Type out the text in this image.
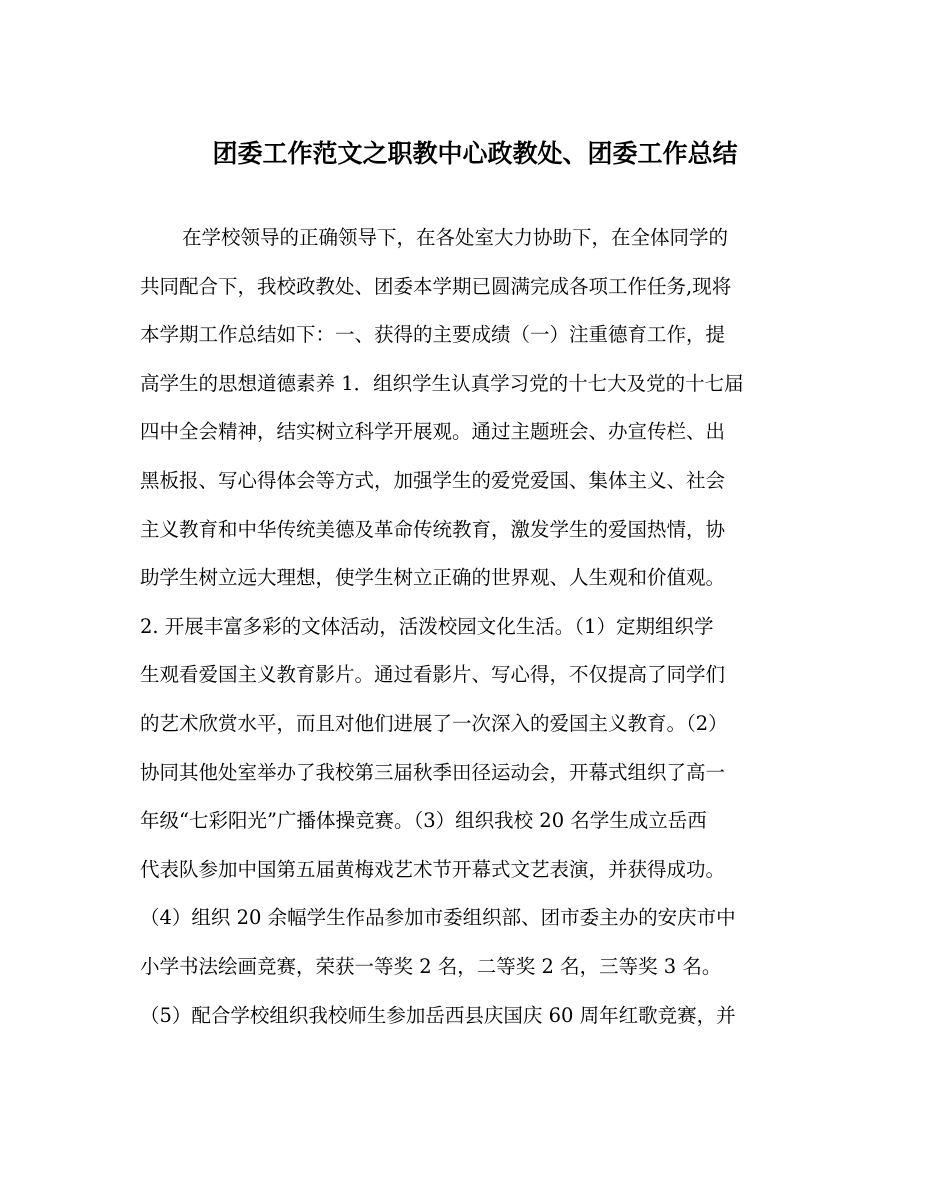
团委工作范文之职教中心政教处、团委工作总结
在学校领导的正确领导下，在各处室大力协助下，在全体同学的
共同配合下，我校政教处、团委本学期已圆满完成各项工作任务,现将
本学期工作总结如下：一、获得的主要成绩（一）注重德育工作，提
高学生的思想道德素养 1．组织学生认真学习党的十七大及党的十七届
四中全会精神，结实树立科学开展观。通过主题班会、办宣传栏、出
黑板报、写心得体会等方式，加强学生的爱党爱国、集体主义、社会
主义教育和中华传统美德及革命传统教育，激发学生的爱国热情，协
助学生树立远大理想，使学生树立正确的世界观、人生观和价值观。
2. 开展丰富多彩的文体活动，活泼校园文化生活。（1）定期组织学
生观看爱国主义教育影片。通过看影片、写心得，不仅提高了同学们
的艺术欣赏水平，而且对他们进展了一次深入的爱国主义教育。（2）
协同其他处室举办了我校第三届秋季田径运动会，开幕式组织了高一
年级“七彩阳光”广播体操竞赛。（3）组织我校 20 名学生成立岳西
代表队参加中国第五届黄梅戏艺术节开幕式文艺表演，并获得成功。
（4）组织 20 余幅学生作品参加市委组织部、团市委主办的安庆市中
小学书法绘画竞赛，荣获一等奖 2 名，二等奖 2 名，三等奖 3 名。
（5）配合学校组织我校师生参加岳西县庆国庆 60 周年红歌竞赛，并
